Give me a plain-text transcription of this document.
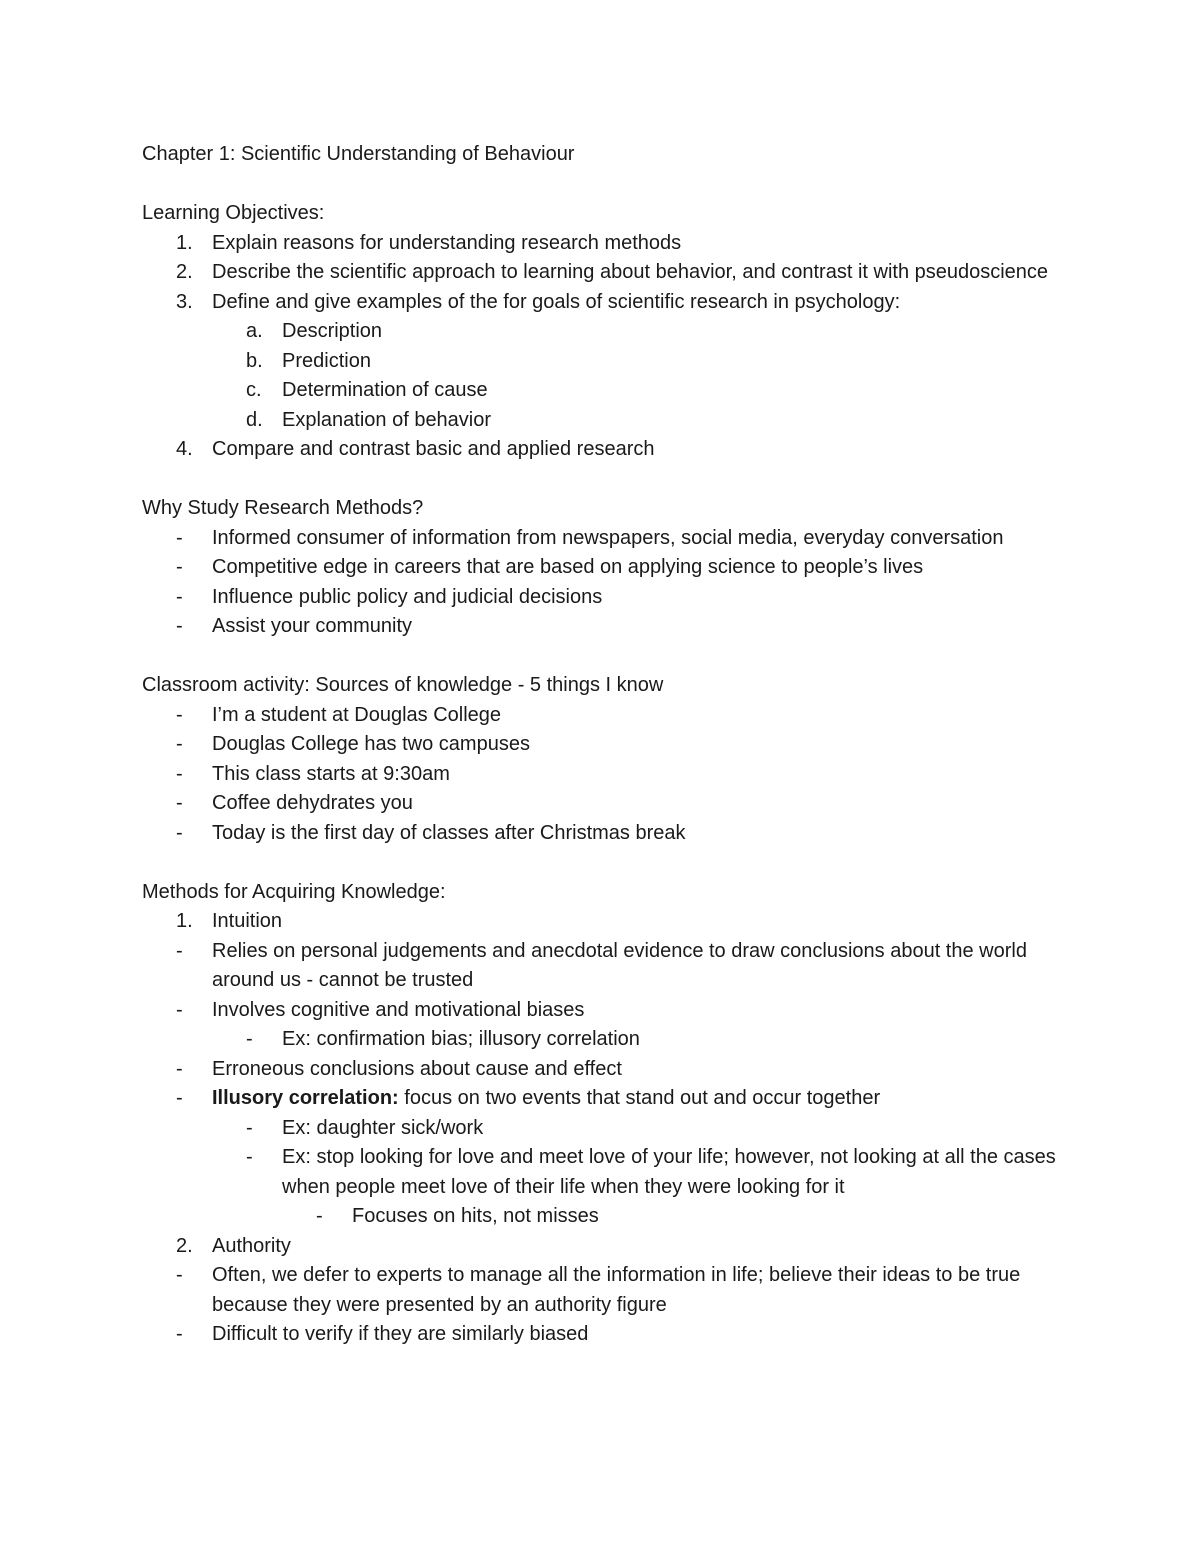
Chapter 1: Scientific Understanding of Behaviour
Learning Objectives:
1. Explain reasons for understanding research methods
2. Describe the scientific approach to learning about behavior, and contrast it with pseudoscience
3. Define and give examples of the for goals of scientific research in psychology:
a. Description
b. Prediction
c.	Determination of cause
d. Explanation of behavior
4. Compare and contrast basic and applied research
Why Study Research Methods?
-	Informed consumer of information from newspapers, social media, everyday conversation
-	Competitive edge in careers that are based on applying science to people’s lives
-	Influence public policy and judicial decisions
-	Assist your community
Classroom activity: Sources of knowledge - 5 things I know
-	I’m a student at Douglas College
-	Douglas College has two campuses
-	This class starts at 9:30am
-	Coffee dehydrates you
-	Today is the first day of classes after Christmas break
Methods for Acquiring Knowledge:
1. Intuition
-	Relies on personal judgements and anecdotal evidence to draw conclusions about the world around us - cannot be trusted
-	Involves cognitive and motivational biases
-	Ex: confirmation bias; illusory correlation
-	Erroneous conclusions about cause and effect
-	Illusory correlation: focus on two events that stand out and occur together
-	Ex: daughter sick/work
-	Ex: stop looking for love and meet love of your life; however, not looking at all the cases when people meet love of their life when they were looking for it
-	Focuses on hits, not misses
2. Authority
-	Often, we defer to experts to manage all the information in life; believe their ideas to be true because they were presented by an authority figure
-	Difficult to verify if they are similarly biased
